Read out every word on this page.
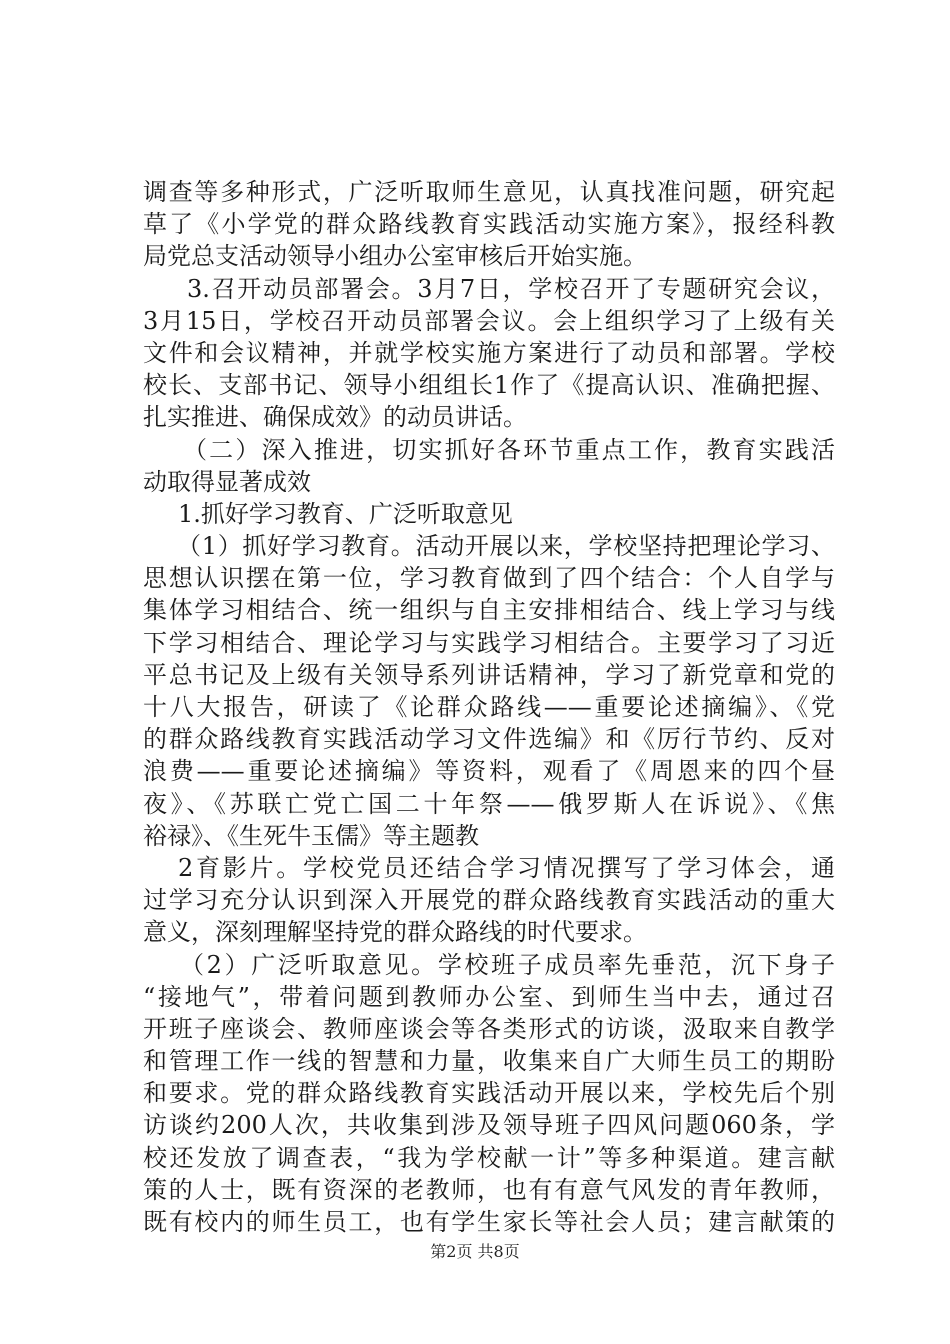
调查等多种形式，广泛听取师生意见，认真找准问题，研究起
草了《小学党的群众路线教育实践活动实施方案》，报经科教
局党总支活动领导小组办公室审核后开始实施。
3.召开动员部署会。3月7日，学校召开了专题研究会议，
3月15日，学校召开动员部署会议。会上组织学习了上级有关
文件和会议精神，并就学校实施方案进行了动员和部署。学校
校长、支部书记、领导小组组长1作了《提高认识、准确把握、
扎实推进、确保成效》的动员讲话。
（二）深入推进，切实抓好各环节重点工作，教育实践活
动取得显著成效
1.抓好学习教育、广泛听取意见
（1）抓好学习教育。活动开展以来，学校坚持把理论学习、
思想认识摆在第一位，学习教育做到了四个结合：个人自学与
集体学习相结合、统一组织与自主安排相结合、线上学习与线
下学习相结合、理论学习与实践学习相结合。主要学习了习近
平总书记及上级有关领导系列讲话精神，学习了新党章和党的
十八大报告，研读了《论群众路线——重要论述摘编》、《党
的群众路线教育实践活动学习文件选编》和《厉行节约、反对
浪费——重要论述摘编》等资料，观看了《周恩来的四个昼
夜》、《苏联亡党亡国二十年祭——俄罗斯人在诉说》、《焦
裕禄》、《生死牛玉儒》等主题教
2育影片。学校党员还结合学习情况撰写了学习体会，通
过学习充分认识到深入开展党的群众路线教育实践活动的重大
意义，深刻理解坚持党的群众路线的时代要求。
（2）广泛听取意见。学校班子成员率先垂范，沉下身子
“接地气”，带着问题到教师办公室、到师生当中去，通过召
开班子座谈会、教师座谈会等各类形式的访谈，汲取来自教学
和管理工作一线的智慧和力量，收集来自广大师生员工的期盼
和要求。党的群众路线教育实践活动开展以来，学校先后个别
访谈约200人次，共收集到涉及领导班子四风问题060条，学
校还发放了调查表，“我为学校献一计”等多种渠道。建言献
策的人士，既有资深的老教师，也有有意气风发的青年教师，
既有校内的师生员工，也有学生家长等社会人员；建言献策的
第2页 共8页
